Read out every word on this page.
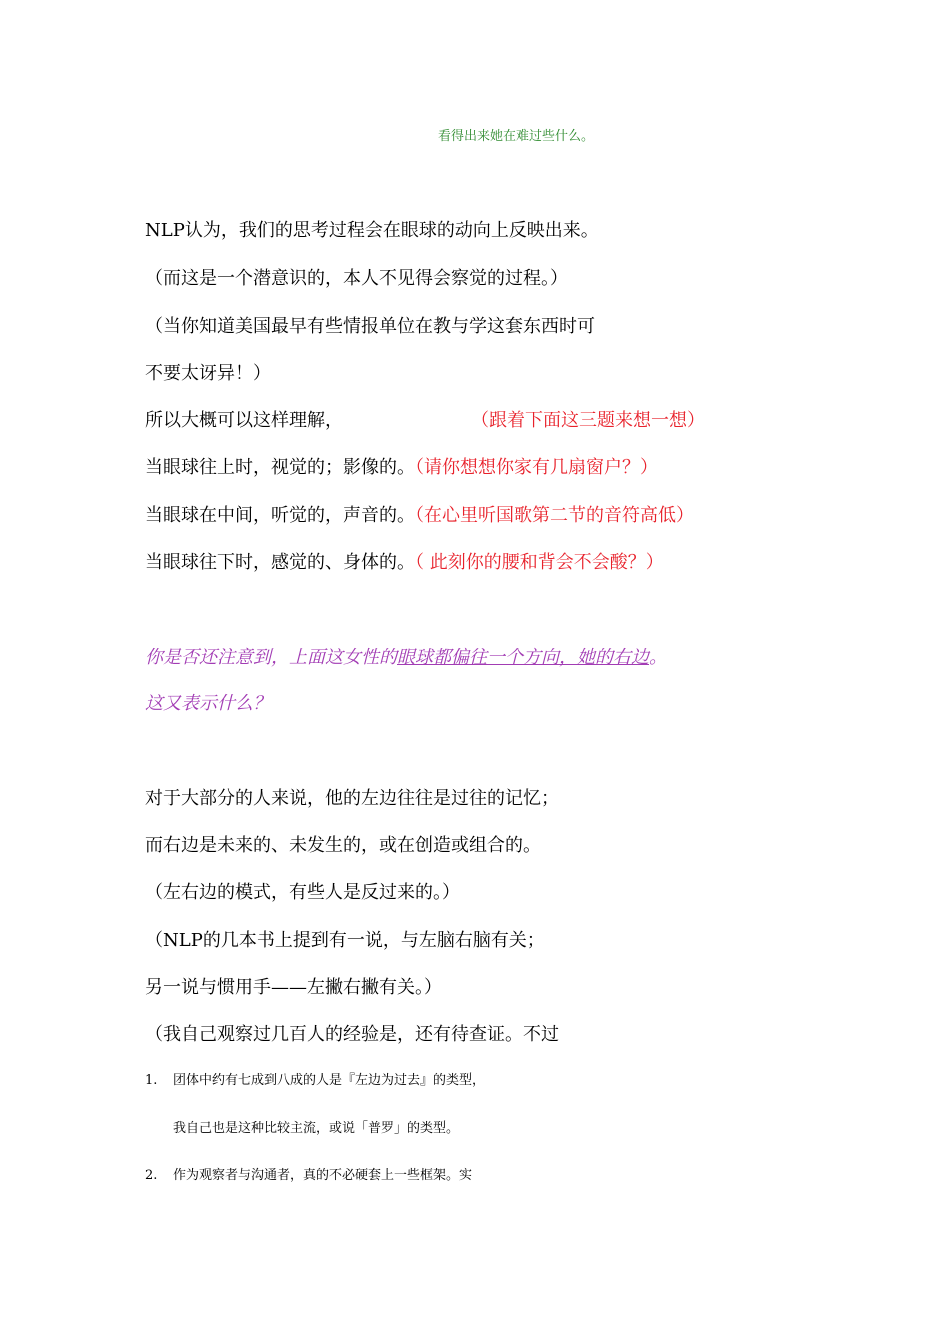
看得出来她在难过些什么。
NLP认为，我们的思考过程会在眼球的动向上反映出来。
（而这是一个潜意识的，本人不见得会察觉的过程。）
（当你知道美国最早有些情报单位在教与学这套东西时可
不要太讶异！）
所以大概可以这样理解，	（跟着下面这三题来想一想）
当眼球往上时，视觉的；影像的。（请你想想你家有几扇窗户？）
当眼球在中间，听觉的，声音的。（在心里听国歌第二节的音符高低）
当眼球往下时，感觉的、身体的。（ 此刻你的腰和背会不会酸？）
你是否还注意到，上面这女性的眼球都偏往一个方向，她的右边。
这又表示什么？
对于大部分的人来说，他的左边往往是过往的记忆；
而右边是未来的、未发生的，或在创造或组合的。
（左右边的模式，有些人是反过来的。）
（NLP的几本书上提到有一说，与左脑右脑有关；
另一说与惯用手——左撇右撇有关。）
（我自己观察过几百人的经验是，还有待查证。不过
1. 团体中约有七成到八成的人是『左边为过去』的类型，
我自己也是这种比较主流，或说「普罗」的类型。
2. 作为观察者与沟通者，真的不必硬套上一些框架。实
